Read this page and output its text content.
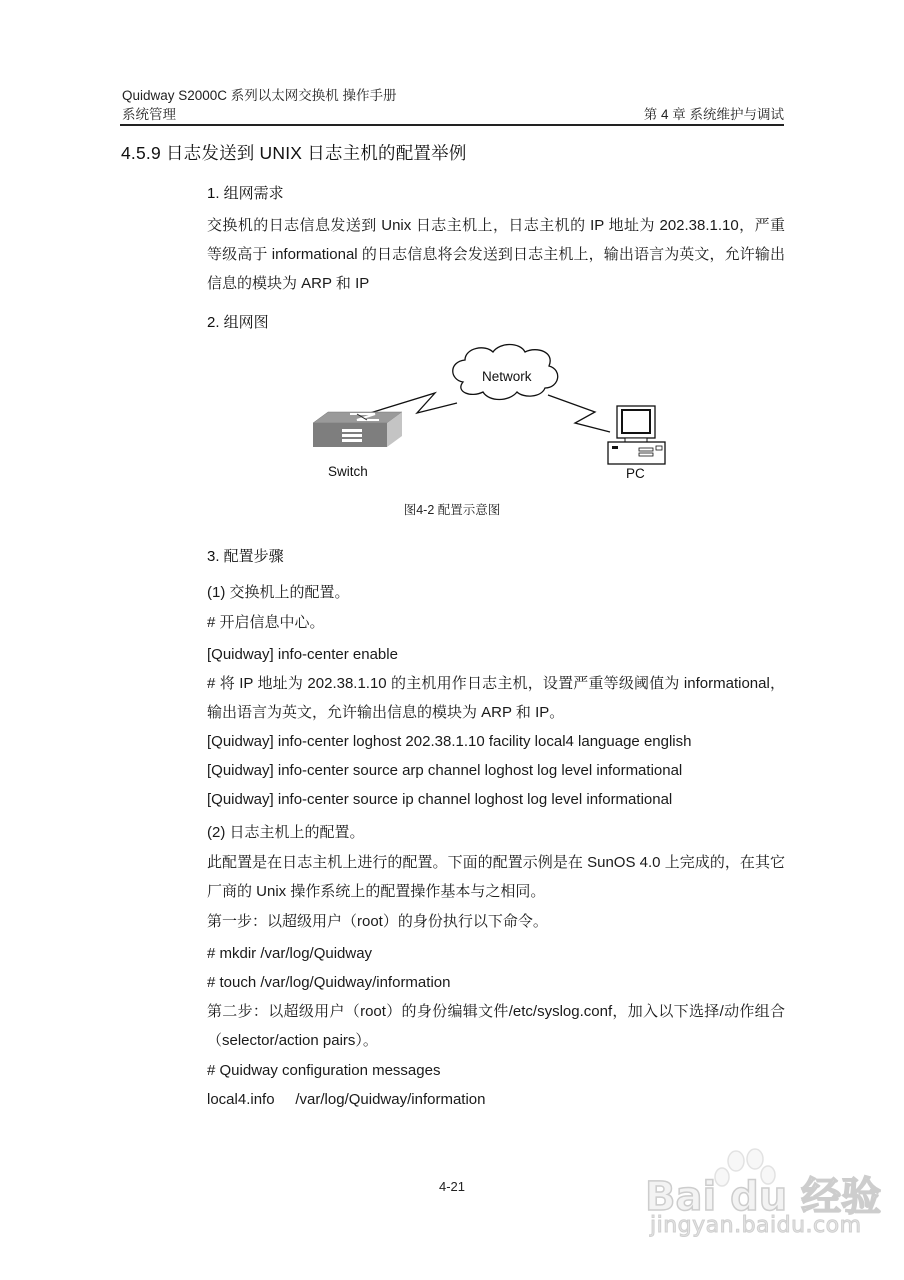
Quidway S2000C 系列以太网交换机 操作手册
系统管理	第 4 章 系统维护与调试
4.5.9 日志发送到 UNIX 日志主机的配置举例
1. 组网需求
交换机的日志信息发送到 Unix 日志主机上，日志主机的 IP 地址为 202.38.1.10，严重等级高于 informational 的日志信息将会发送到日志主机上，输出语言为英文，允许输出信息的模块为 ARP 和 IP
2. 组网图
Network
Switch	PC
图4-2 配置示意图
3. 配置步骤
(1) 交换机上的配置。
# 开启信息中心。
[Quidway] info-center enable
# 将 IP 地址为 202.38.1.10 的主机用作日志主机，设置严重等级阈值为 informational，输出语言为英文，允许输出信息的模块为 ARP 和 IP。
[Quidway] info-center loghost 202.38.1.10 facility local4 language english
[Quidway] info-center source arp channel loghost log level informational
[Quidway] info-center source ip channel loghost log level informational
(2) 日志主机上的配置。
此配置是在日志主机上进行的配置。下面的配置示例是在 SunOS 4.0 上完成的，在其它厂商的 Unix 操作系统上的配置操作基本与之相同。
第一步：以超级用户（root）的身份执行以下命令。
# mkdir /var/log/Quidway
# touch /var/log/Quidway/information
第二步：以超级用户（root）的身份编辑文件/etc/syslog.conf，加入以下选择/动作组合（selector/action pairs）。
# Quidway configuration messages
local4.info     /var/log/Quidway/information
4-21	Bai du 经验
jingyan.baidu.com
